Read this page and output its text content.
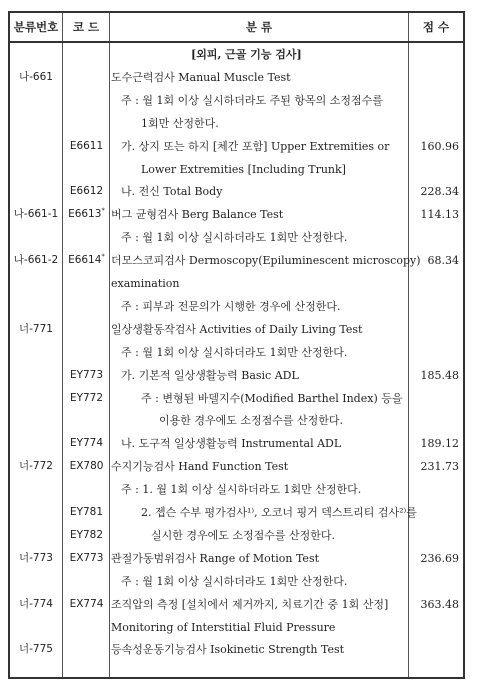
분류번호	코 드	분 류	점 수
[외피, 근골 기능 검사]
나-661	도수근력검사 Manual Muscle Test
주 : 월 1회 이상 실시하더라도 주된 항목의 소정점수를
1회만 산정한다.
E6611	가. 상지 또는 하지 [체간 포함] Upper Extremities or	160.96
Lower Extremities [Including Trunk]
E6612	나. 전신 Total Body	228.34
나-661-1 E6613* 버그 균형검사 Berg Balance Test	114.13
주 : 월 1회 이상 실시하더라도 1회만 산정한다.
나-661-2 E6614* 더모스코피검사 Dermoscopy(Epiluminescent microscopy) 68.34
examination
주 : 피부과 전문의가 시행한 경우에 산정한다.
너-771	일상생활동작검사 Activities of Daily Living Test
주 : 월 1회 이상 실시하더라도 1회만 산정한다.
EY773	가. 기본적 일상생활능력 Basic ADL	185.48
EY772	주 : 변형된 바델지수(Modified Barthel Index) 등을
이용한 경우에도 소정점수를 산정한다.
EY774	나. 도구적 일상생활능력 Instrumental ADL	189.12
너-772	EX780 수지기능검사 Hand Function Test	231.73
주 : 1. 월 1회 이상 실시하더라도 1회만 산정한다.
EY781	2. 젭슨 수부 평가검사¹⁾, 오코너 핑거 덱스트리티 검사²⁾를
EY782	실시한 경우에도 소정점수를 산정한다.
너-773	EX773 관절가동범위검사 Range of Motion Test	236.69
주 : 월 1회 이상 실시하더라도 1회만 산정한다.
너-774	EX774 조직압의 측정 [설치에서 제거까지, 치료기간 중 1회 산정]	363.48
Monitoring of Interstitial Fluid Pressure
너-775	등속성운동기능검사 Isokinetic Strength Test
